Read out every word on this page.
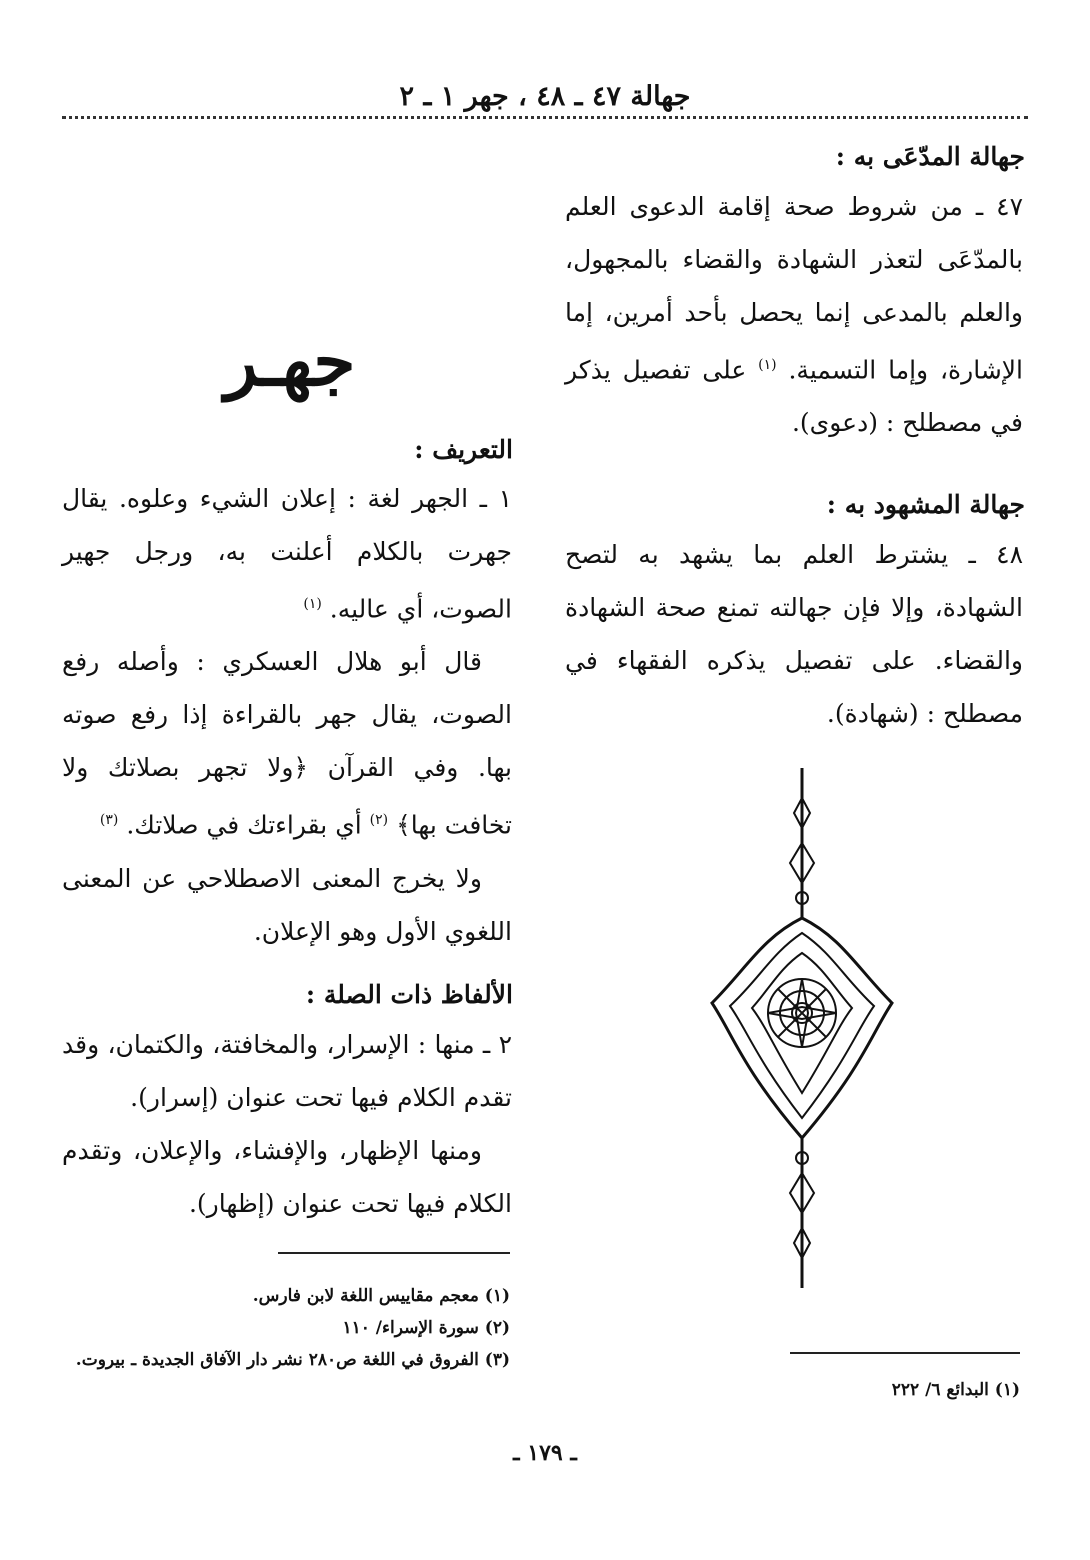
جهالة ٤٧ ـ ٤٨ ، جهر ١ ـ ٢
جهالة المدّعَى به :

٤٧ ـ من شروط صحة إقامة الدعوى العلم بالمدّعَى لتعذر الشهادة والقضاء بالمجهول، والعلم بالمدعى إنما يحصل بأحد أمرين، إما الإشارة، وإما التسمية. $^{(١)}$ على تفصيل يذكر في مصطلح : (دعوى).

جهالة المشهود به :

٤٨ ـ يشترط العلم بما يشهد به لتصح الشهادة، وإلا فإن جهالته تمنع صحة الشهادة والقضاء. على تفصيل يذكره الفقهاء في مصطلح : (شهادة).

(١) البدائع ٦/ ٢٢٢

جهـر
التعريف :

١ ـ الجهر لغة : إعلان الشيء وعلوه. يقال جهرت بالكلام أعلنت به، ورجل جهير الصوت، أي عاليه. $^{(١)}$

قال أبو هلال العسكري : وأصله رفع الصوت، يقال جهر بالقراءة إذا رفع صوته بها. وفي القرآن ﴿ولا تجهر بصلاتك ولا تخافت بها﴾ $^{(٢)}$ أي بقراءتك في صلاتك. $^{(٣)}$

ولا يخرج المعنى الاصطلاحي عن المعنى اللغوي الأول وهو الإعلان.

الألفاظ ذات الصلة :

٢ ـ منها : الإسرار، والمخافتة، والكتمان، وقد تقدم الكلام فيها تحت عنوان (إسرار).

ومنها الإظهار، والإفشاء، والإعلان، وتقدم الكلام فيها تحت عنوان (إظهار).

(١) معجم مقاييس اللغة لابن فارس.

(٢) سورة الإسراء/ ١١٠

(٣) الفروق في اللغة ص٢٨٠ نشر دار الآفاق الجديدة ـ بيروت.

ـ ١٧٩ ـ
